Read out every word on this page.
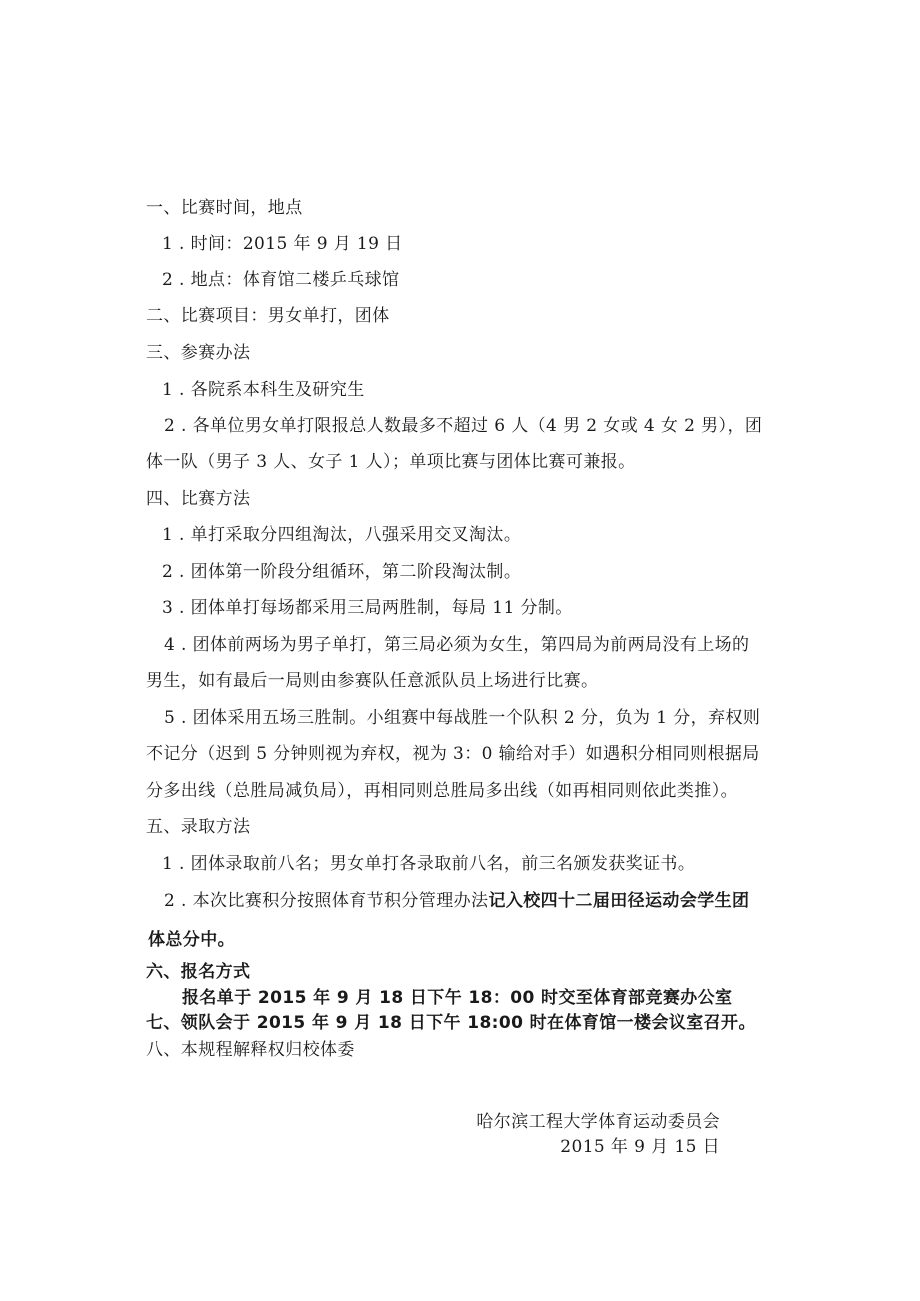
一、比赛时间，地点
1 . 时间：2015 年 9 月 19 日
2 . 地点：体育馆二楼乒乓球馆
二、比赛项目：男女单打，团体
三、参赛办法
1 . 各院系本科生及研究生
2 . 各单位男女单打限报总人数最多不超过 6 人（4 男 2 女或 4 女 2 男），团
体一队（男子 3 人、女子 1 人）；单项比赛与团体比赛可兼报。
四、比赛方法
1 . 单打采取分四组淘汰，八强采用交叉淘汰。
2 . 团体第一阶段分组循环，第二阶段淘汰制。
3 . 团体单打每场都采用三局两胜制，每局 11 分制。
4 . 团体前两场为男子单打，第三局必须为女生，第四局为前两局没有上场的
男生，如有最后一局则由参赛队任意派队员上场进行比赛。
5 . 团体采用五场三胜制。小组赛中每战胜一个队积 2 分，负为 1 分，弃权则
不记分（迟到 5 分钟则视为弃权，视为 3：0 输给对手）如遇积分相同则根据局
分多出线（总胜局减负局），再相同则总胜局多出线（如再相同则依此类推）。
五、录取方法
1 . 团体录取前八名；男女单打各录取前八名，前三名颁发获奖证书。
2 . 本次比赛积分按照体育节积分管理办法记入校四十二届田径运动会学生团
体总分中。
六、报名方式
报名单于 2015 年 9 月 18 日下午 18：00 时交至体育部竞赛办公室
七、领队会于 2015 年 9 月 18 日下午 18:00 时在体育馆一楼会议室召开。
八、本规程解释权归校体委
哈尔滨工程大学体育运动委员会
2015 年 9 月 15 日
